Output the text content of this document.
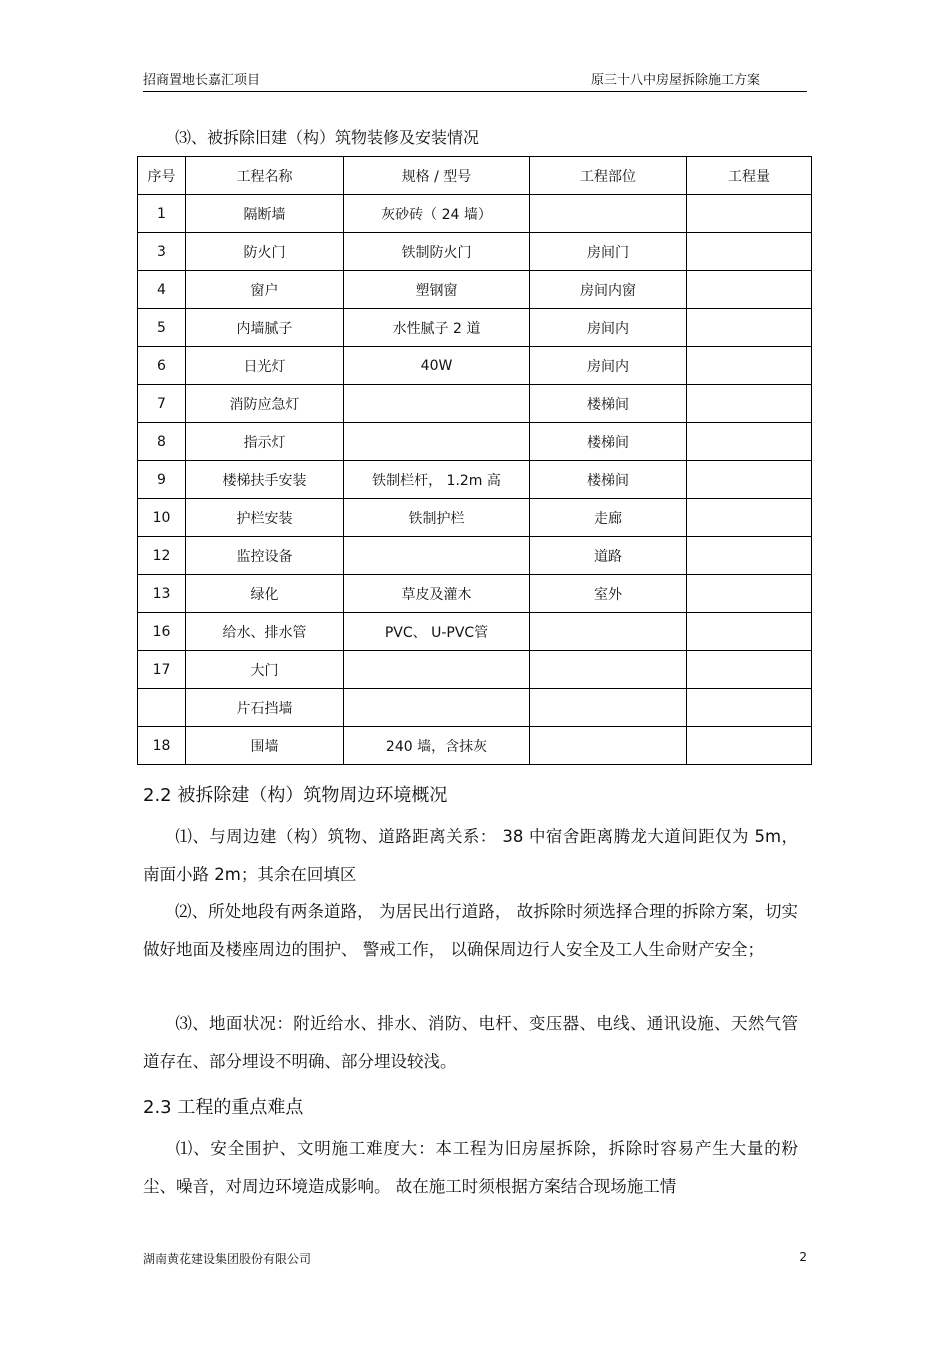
招商置地长嘉汇项目	原三十八中房屋拆除施工方案
⑶、被拆除旧建（构）筑物装修及安装情况
序号	工程名称	规格 / 型号	工程部位	工程量
1	隔断墙	灰砂砖（ 24 墙）		
3	防火门	铁制防火门	房间门	
4	窗户	塑钢窗	房间内窗	
5	内墙腻子	水性腻子 2 道	房间内	
6	日光灯	40W	房间内	
7	消防应急灯		楼梯间	
8	指示灯		楼梯间	
9	楼梯扶手安装	铁制栏杆， 1.2m 高	楼梯间	
10	护栏安装	铁制护栏	走廊	
12	监控设备		道路	
13	绿化	草皮及灌木	室外	
16	给水、排水管	PVC、 U-PVC管		
17	大门			
	片石挡墙			
18	围墙	240 墙，含抹灰		
2.2 被拆除建（构）筑物周边环境概况
⑴、与周边建（构）筑物、道路距离关系： 38 中宿舍距离腾龙大道间距仅为 5m，南面小路 2m；其余在回填区
⑵、所处地段有两条道路， 为居民出行道路， 故拆除时须选择合理的拆除方案，切实做好地面及楼座周边的围护、 警戒工作， 以确保周边行人安全及工人生命财产安全；
⑶、地面状况：附近给水、排水、消防、电杆、变压器、电线、通讯设施、天然气管道存在、部分埋设不明确、部分埋设较浅。
2.3 工程的重点难点
⑴、安全围护、文明施工难度大：本工程为旧房屋拆除，拆除时容易产生大量的粉尘、噪音，对周边环境造成影响。 故在施工时须根据方案结合现场施工情
湖南黄花建设集团股份有限公司	2
